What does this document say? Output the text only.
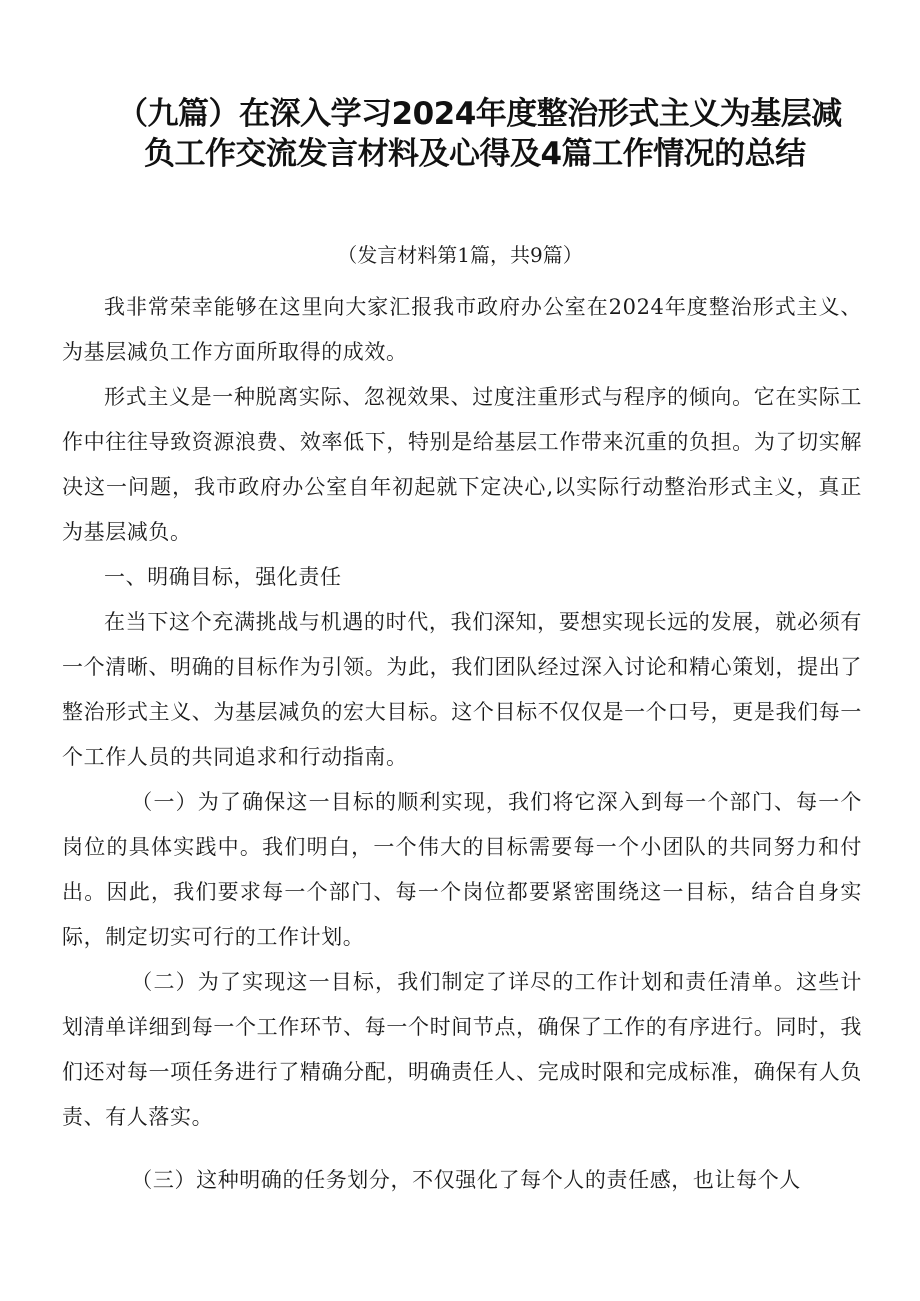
（九篇）在深入学习2024年度整治形式主义为基层减
负工作交流发言材料及心得及4篇工作情况的总结
（发言材料第1篇，共9篇）

我非常荣幸能够在这里向大家汇报我市政府办公室在2024年度整治形式主义、为基层减负工作方面所取得的成效。

形式主义是一种脱离实际、忽视效果、过度注重形式与程序的倾向。它在实际工作中往往导致资源浪费、效率低下，特别是给基层工作带来沉重的负担。为了切实解决这一问题，我市政府办公室自年初起就下定决心,以实际行动整治形式主义，真正为基层减负。

一、明确目标，强化责任

在当下这个充满挑战与机遇的时代，我们深知，要想实现长远的发展，就必须有一个清晰、明确的目标作为引领。为此，我们团队经过深入讨论和精心策划，提出了整治形式主义、为基层减负的宏大目标。这个目标不仅仅是一个口号，更是我们每一个工作人员的共同追求和行动指南。

（一）为了确保这一目标的顺利实现，我们将它深入到每一个部门、每一个岗位的具体实践中。我们明白，一个伟大的目标需要每一个小团队的共同努力和付出。因此，我们要求每一个部门、每一个岗位都要紧密围绕这一目标，结合自身实际，制定切实可行的工作计划。

（二）为了实现这一目标，我们制定了详尽的工作计划和责任清单。这些计划清单详细到每一个工作环节、每一个时间节点，确保了工作的有序进行。同时，我们还对每一项任务进行了精确分配，明确责任人、完成时限和完成标准，确保有人负责、有人落实。

（三）这种明确的任务划分，不仅强化了每个人的责任感，也让每个人
